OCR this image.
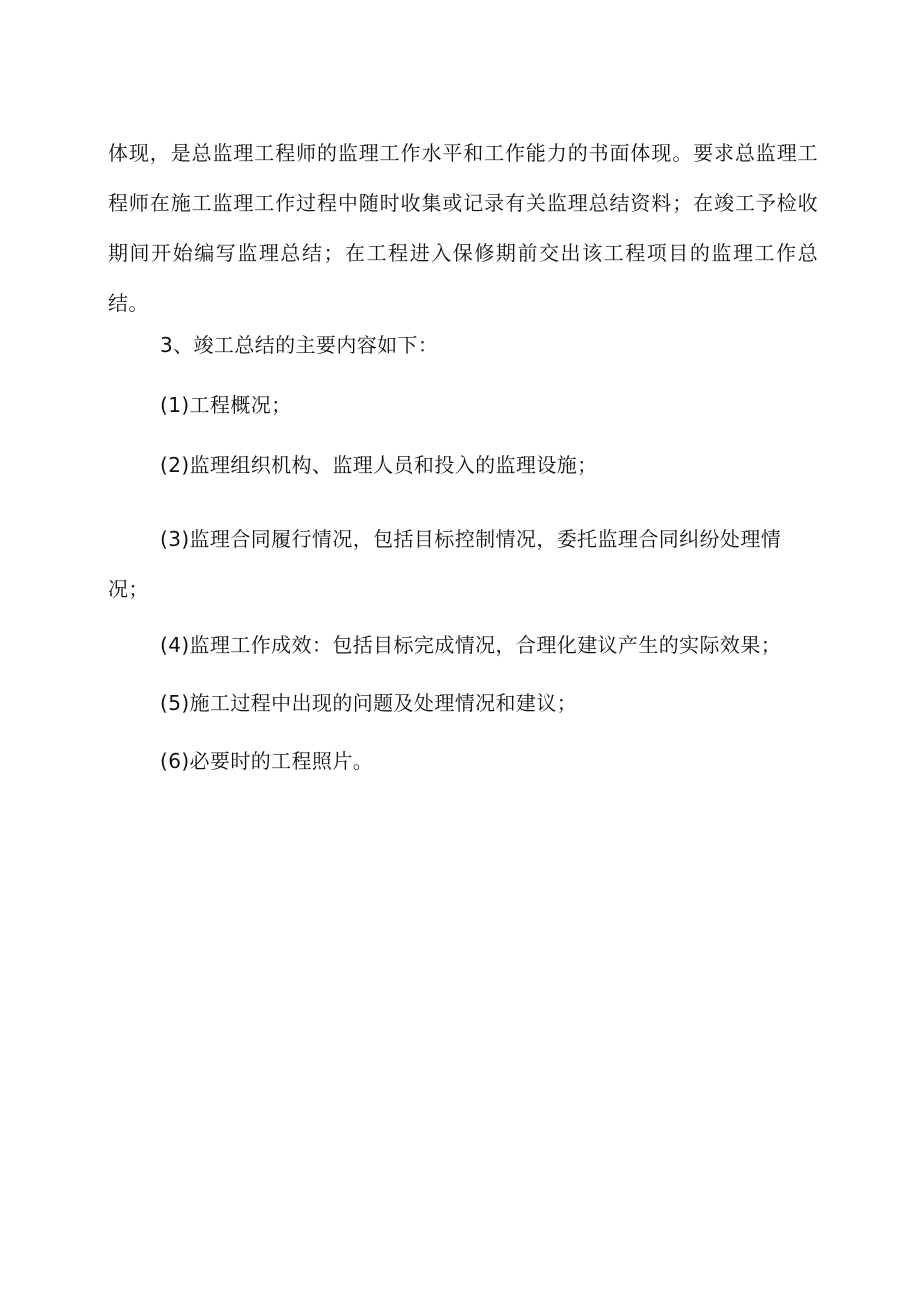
体现，是总监理工程师的监理工作水平和工作能力的书面体现。要求总监理工程师在施工监理工作过程中随时收集或记录有关监理总结资料；在竣工予检收期间开始编写监理总结；在工程进入保修期前交出该工程项目的监理工作总结。

3、竣工总结的主要内容如下：

(1)工程概况；

(2)监理组织机构、监理人员和投入的监理设施；

(3)监理合同履行情况，包括目标控制情况，委托监理合同纠纷处理情况；

(4)监理工作成效：包括目标完成情况，合理化建议产生的实际效果；

(5)施工过程中出现的问题及处理情况和建议；

(6)必要时的工程照片。
